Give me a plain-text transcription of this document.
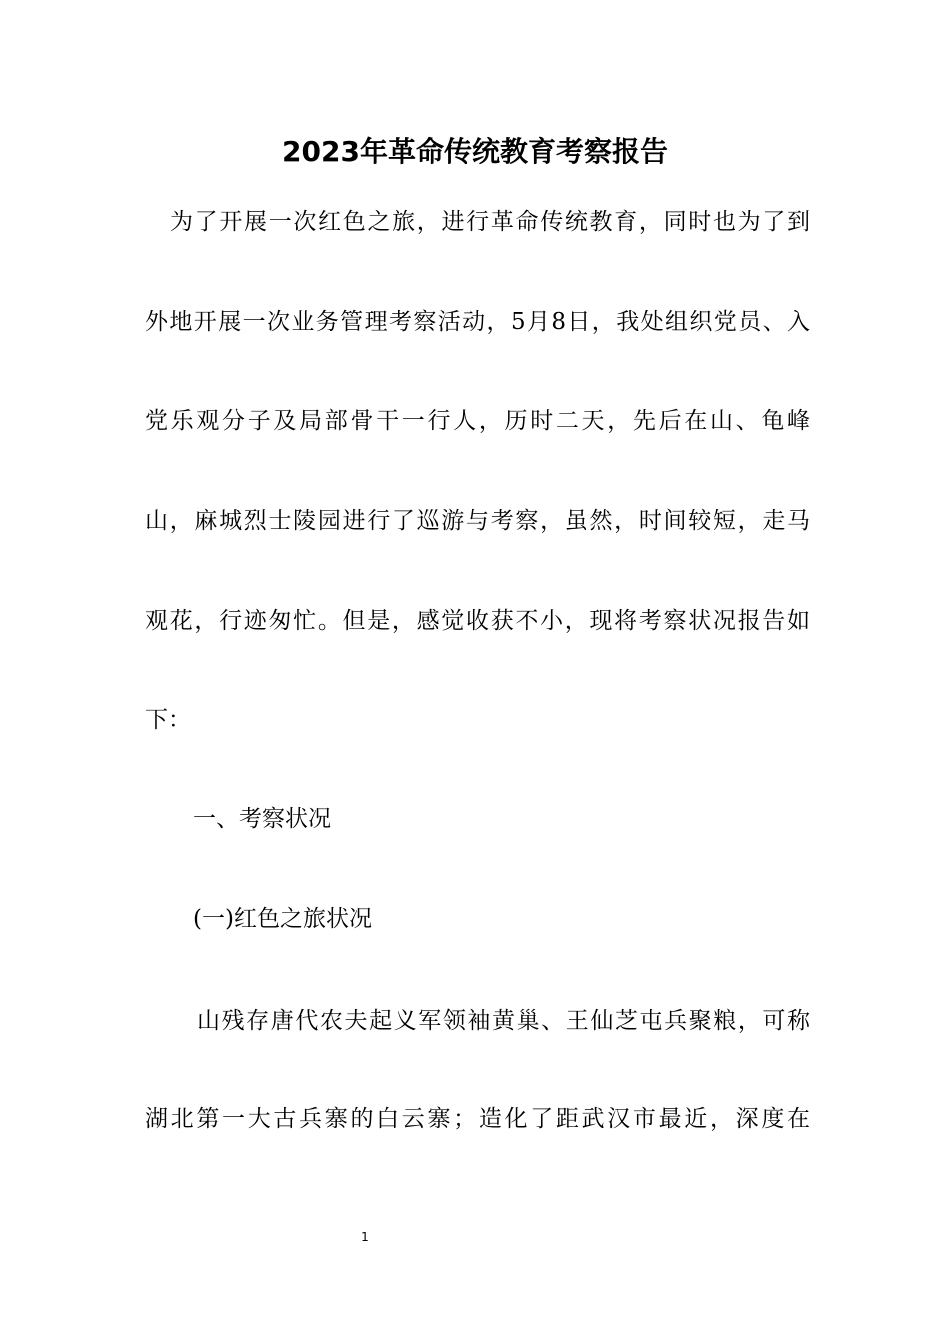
2023年革命传统教育考察报告
为了开展一次红色之旅，进行革命传统教育，同时也为了到
外地开展一次业务管理考察活动，5月8日，我处组织党员、入
党乐观分子及局部骨干一行人，历时二天，先后在山、龟峰
山，麻城烈士陵园进行了巡游与考察，虽然，时间较短，走马
观花，行迹匆忙。但是，感觉收获不小，现将考察状况报告如
下：
一、考察状况
(一)红色之旅状况
山残存唐代农夫起义军领袖黄巢、王仙芝屯兵聚粮，可称
湖北第一大古兵寨的白云寨；造化了距武汉市最近，深度在
1
